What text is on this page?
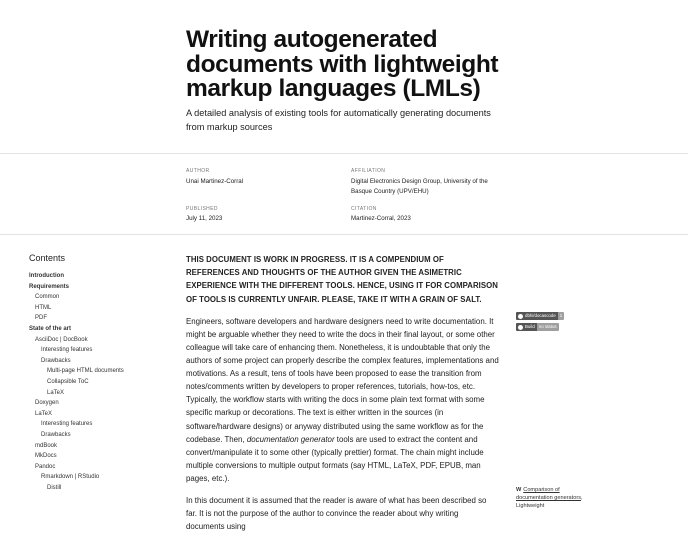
Writing autogenerated documents with lightweight markup languages (LMLs)

A detailed analysis of existing tools for automatically generating documents from markup sources

AUTHOR
Unai Martinez-Corral
AFFILIATION
Digital Electronics Design Group, University of the Basque Country (UPV/EHU)
PUBLISHED
July 11, 2023
CITATION
Martinez-Corral, 2023
Contents
Introduction
Requirements
Common
HTML
PDF
State of the art
AsciiDoc | DocBook
Interesting features
Drawbacks
Multi-page HTML documents
Collapsible ToC
LaTeX
Doxygen
LaTeX
Interesting features
Drawbacks
mdBook
MkDocs
Pandoc
Rmarkdown | RStudio
Distill

THIS DOCUMENT IS WORK IN PROGRESS. IT IS A COMPENDIUM OF REFERENCES AND THOUGHTS OF THE AUTHOR GIVEN THE ASIMETRIC EXPERIENCE WITH THE DIFFERENT TOOLS. HENCE, USING IT FOR COMPARISON OF TOOLS IS CURRENTLY UNFAIR. PLEASE, TAKE IT WITH A GRAIN OF SALT.

Engineers, software developers and hardware designers need to write documentation. It might be arguable whether they need to write the docs in their final layout, or some other colleague will take care of enhancing them. Nonetheless, it is undoubtable that only the authors of some project can properly describe the complex features, implementations and motivations. As a result, tens of tools have been proposed to ease the transition from notes/comments written by developers to proper references, tutorials, how-tos, etc. Typically, the workflow starts with writing the docs in some plain text format with some specific markup or decorations. The text is either written in the sources (in software/hardware designs) or anyway distributed using the same workflow as for the codebase. Then, documentation generator tools are used to extract the content and convert/manipulate it to some other (typically prettier) format. The chain might include multiple conversions to multiple output formats (say HTML, LaTeX, PDF, EPUB, man pages, etc.).

In this document it is assumed that the reader is aware of what has been described so far. It is not the purpose of the author to convince the reader about why writing documents using

dbhi/docascode 1
Build no status
W Comparison of documentation generators, Lightweight
